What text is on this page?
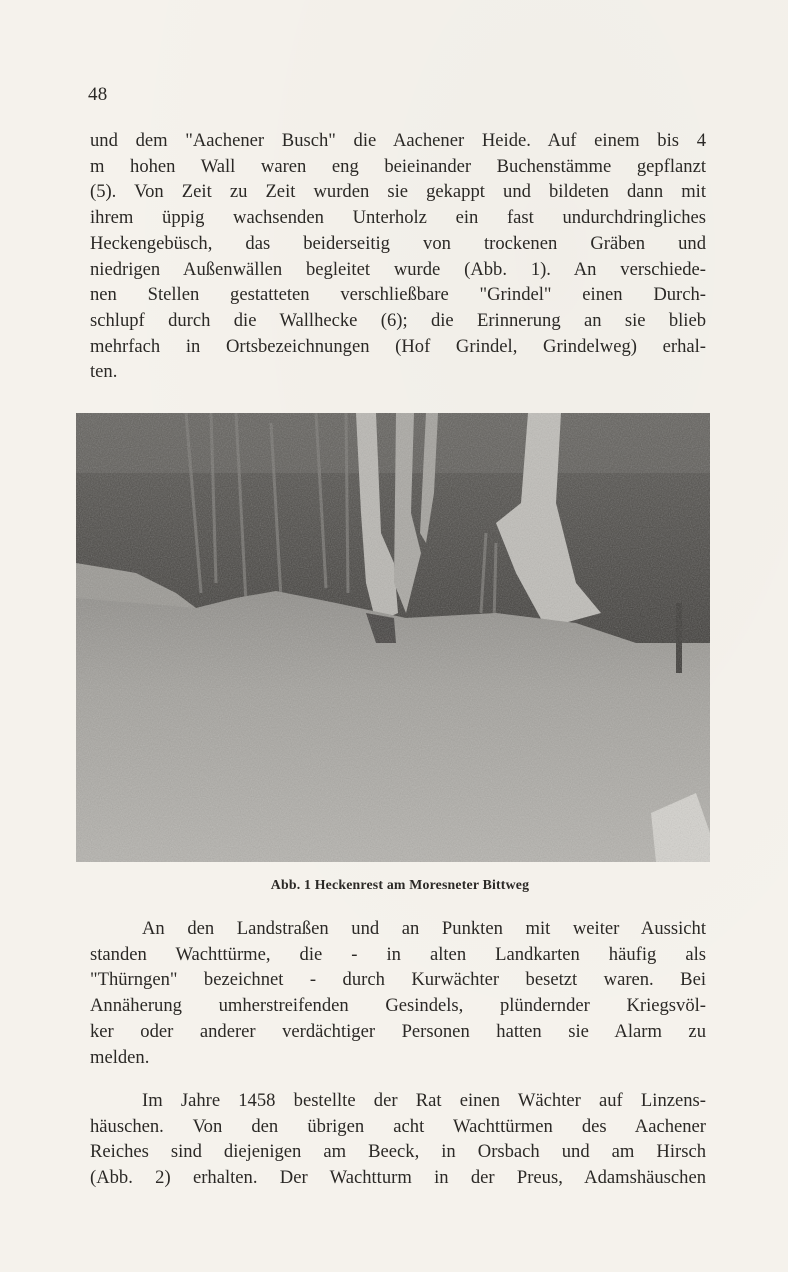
48

und dem "Aachener Busch" die Aachener Heide. Auf einem bis 4
m hohen Wall waren eng beieinander Buchenstämme gepflanzt
(5). Von Zeit zu Zeit wurden sie gekappt und bildeten dann mit
ihrem üppig wachsenden Unterholz ein fast undurchdringliches
Heckengebüsch, das beiderseitig von trockenen Gräben und
niedrigen Außenwällen begleitet wurde (Abb. 1). An verschiede-
nen Stellen gestatteten verschließbare "Grindel" einen Durch-
schlupf durch die Wallhecke (6); die Erinnerung an sie blieb
mehrfach in Ortsbezeichnungen (Hof Grindel, Grindelweg) erhal-
ten.

Abb. 1 Heckenrest am Moresneter Bittweg

An den Landstraßen und an Punkten mit weiter Aussicht
standen Wachttürme, die - in alten Landkarten häufig als
"Thürngen" bezeichnet - durch Kurwächter besetzt waren. Bei
Annäherung umherstreifenden Gesindels, plündernder Kriegsvöl-
ker oder anderer verdächtiger Personen hatten sie Alarm zu
melden.

Im Jahre 1458 bestellte der Rat einen Wächter auf Linzens-
häuschen. Von den übrigen acht Wachttürmen des Aachener
Reiches sind diejenigen am Beeck, in Orsbach und am Hirsch
(Abb. 2) erhalten. Der Wachtturm in der Preus, Adamshäuschen
